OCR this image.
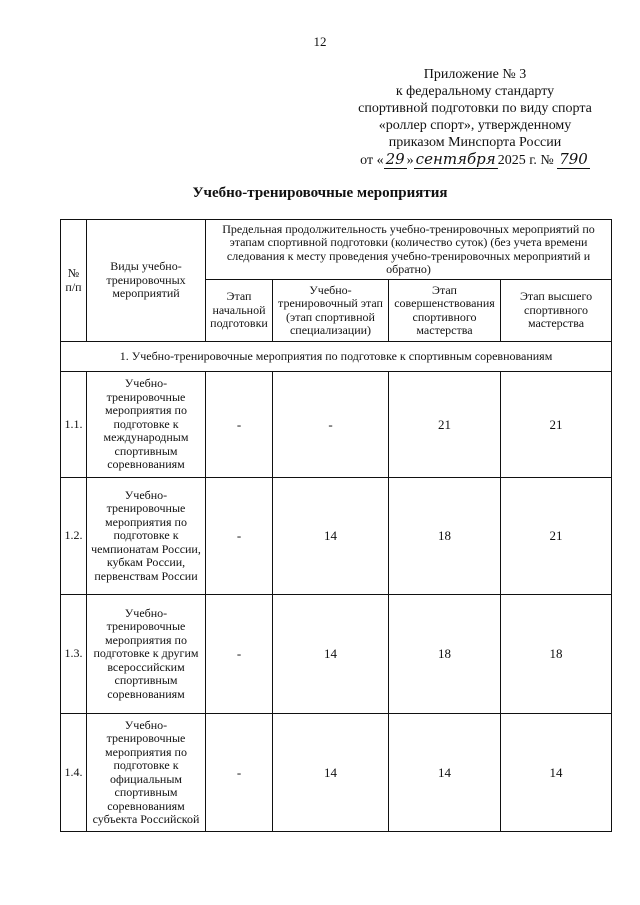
12
Приложение № 3
к федеральному стандарту
спортивной подготовки по виду спорта
«роллер спорт», утвержденному
приказом Минспорта России
от « 29 » сентября 2025 г. № 790
Учебно-тренировочные мероприятия
№ п/п	Виды учебно-тренировочных мероприятий	Предельная продолжительность учебно-тренировочных мероприятий по этапам спортивной подготовки (количество суток) (без учета времени следования к месту проведения учебно-тренировочных мероприятий и обратно)			
		Этап начальной подготовки	Учебно-тренировочный этап (этап спортивной специализации)	Этап совершенствования спортивного мастерства	Этап высшего спортивного мастерства
1. Учебно-тренировочные мероприятия по подготовке к спортивным соревнованиям					
1.1.	Учебно-тренировочные мероприятия по подготовке к международным спортивным соревнованиям	-	-	21	21
1.2.	Учебно-тренировочные мероприятия по подготовке к чемпионатам России, кубкам России, первенствам России	-	14	18	21
1.3.	Учебно-тренировочные мероприятия по подготовке к другим всероссийским спортивным соревнованиям	-	14	18	18
1.4.	Учебно-тренировочные мероприятия по подготовке к официальным спортивным соревнованиям субъекта Российской	-	14	14	14
